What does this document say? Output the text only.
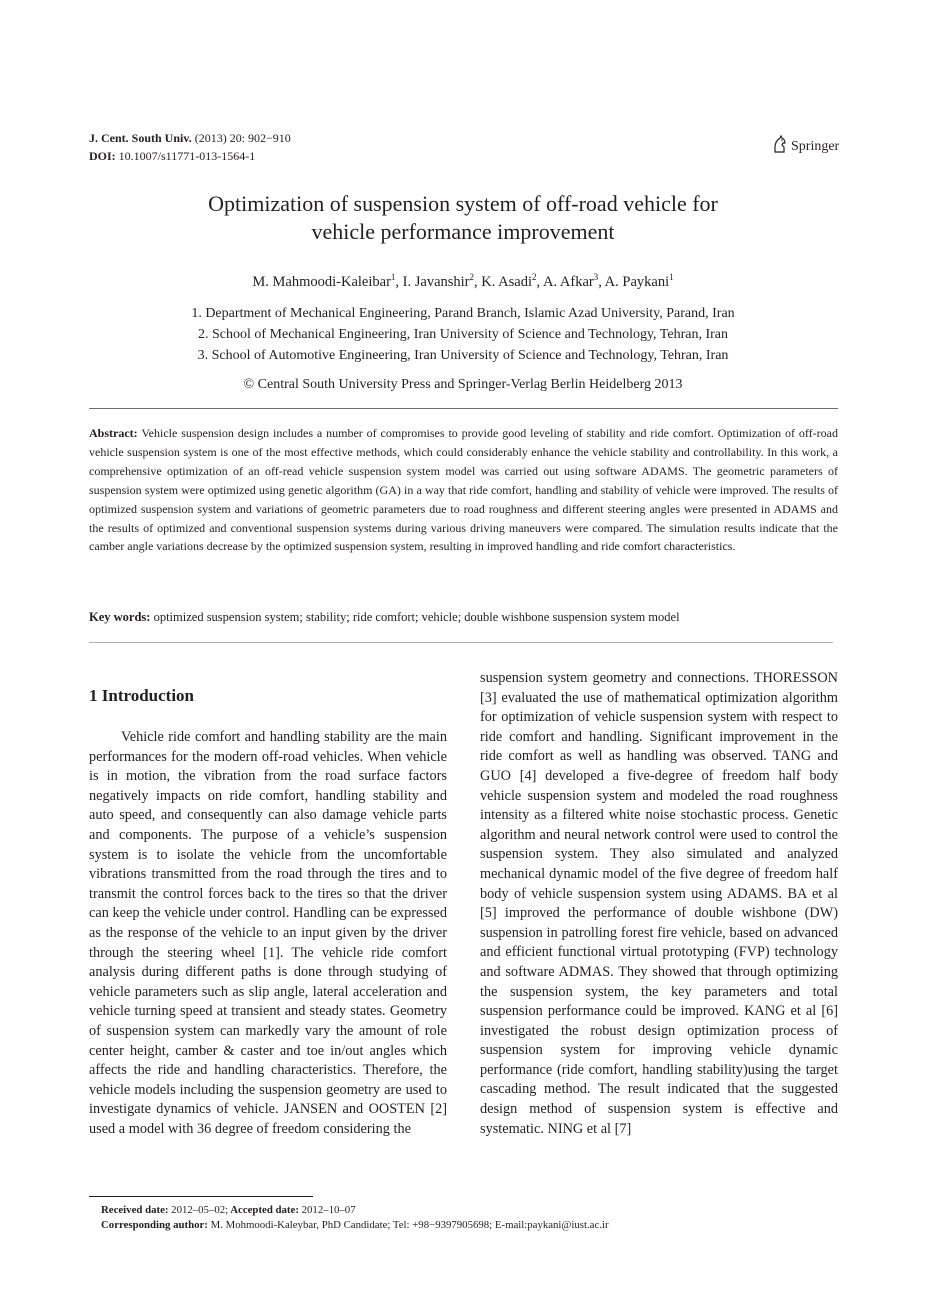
J. Cent. South Univ. (2013) 20: 902−910
DOI: 10.1007/s11771-013-1564-1
Springer
Optimization of suspension system of off-road vehicle for
vehicle performance improvement
M. Mahmoodi-Kaleibar$^1$, I. Javanshir$^2$, K. Asadi$^2$, A. Afkar$^3$, A. Paykani$^1$
1. Department of Mechanical Engineering, Parand Branch, Islamic Azad University, Parand, Iran
2. School of Mechanical Engineering, Iran University of Science and Technology, Tehran, Iran
3. School of Automotive Engineering, Iran University of Science and Technology, Tehran, Iran
© Central South University Press and Springer-Verlag Berlin Heidelberg 2013
Abstract: Vehicle suspension design includes a number of compromises to provide good leveling of stability and ride comfort. Optimization of off-road vehicle suspension system is one of the most effective methods, which could considerably enhance the vehicle stability and controllability. In this work, a comprehensive optimization of an off-read vehicle suspension system model was carried out using software ADAMS. The geometric parameters of suspension system were optimized using genetic algorithm (GA) in a way that ride comfort, handling and stability of vehicle were improved. The results of optimized suspension system and variations of geometric parameters due to road roughness and different steering angles were presented in ADAMS and the results of optimized and conventional suspension systems during various driving maneuvers were compared. The simulation results indicate that the camber angle variations decrease by the optimized suspension system, resulting in improved handling and ride comfort characteristics.
Key words: optimized suspension system; stability; ride comfort; vehicle; double wishbone suspension system model
1 Introduction
Vehicle ride comfort and handling stability are the main performances for the modern off-road vehicles. When vehicle is in motion, the vibration from the road surface factors negatively impacts on ride comfort, handling stability and auto speed, and consequently can also damage vehicle parts and components. The purpose of a vehicle’s suspension system is to isolate the vehicle from the uncomfortable vibrations transmitted from the road through the tires and to transmit the control forces back to the tires so that the driver can keep the vehicle under control. Handling can be expressed as the response of the vehicle to an input given by the driver through the steering wheel [1]. The vehicle ride comfort analysis during different paths is done through studying of vehicle parameters such as slip angle, lateral acceleration and vehicle turning speed at transient and steady states. Geometry of suspension system can markedly vary the amount of role center height, camber & caster and toe in/out angles which affects the ride and handling characteristics. Therefore, the vehicle models including the suspension geometry are used to investigate dynamics of vehicle. JANSEN and OOSTEN [2] used a model with 36 degree of freedom considering the
suspension system geometry and connections. THORESSON [3] evaluated the use of mathematical optimization algorithm for optimization of vehicle suspension system with respect to ride comfort and handling. Significant improvement in the ride comfort as well as handling was observed. TANG and GUO [4] developed a five-degree of freedom half body vehicle suspension system and modeled the road roughness intensity as a filtered white noise stochastic process. Genetic algorithm and neural network control were used to control the suspension system. They also simulated and analyzed mechanical dynamic model of the five degree of freedom half body of vehicle suspension system using ADAMS. BA et al [5] improved the performance of double wishbone (DW) suspension in patrolling forest fire vehicle, based on advanced and efficient functional virtual prototyping (FVP) technology and software ADMAS. They showed that through optimizing the suspension system, the key parameters and total suspension performance could be improved. KANG et al [6] investigated the robust design optimization process of suspension system for improving vehicle dynamic performance (ride comfort, handling stability)using the target cascading method. The result indicated that the suggested design method of suspension system is effective and systematic. NING et al [7]
Received date: 2012–05–02; Accepted date: 2012–10–07
Corresponding author: M. Mohmoodi-Kaleybar, PhD Candidate; Tel: +98−9397905698; E-mail:paykani@iust.ac.ir
